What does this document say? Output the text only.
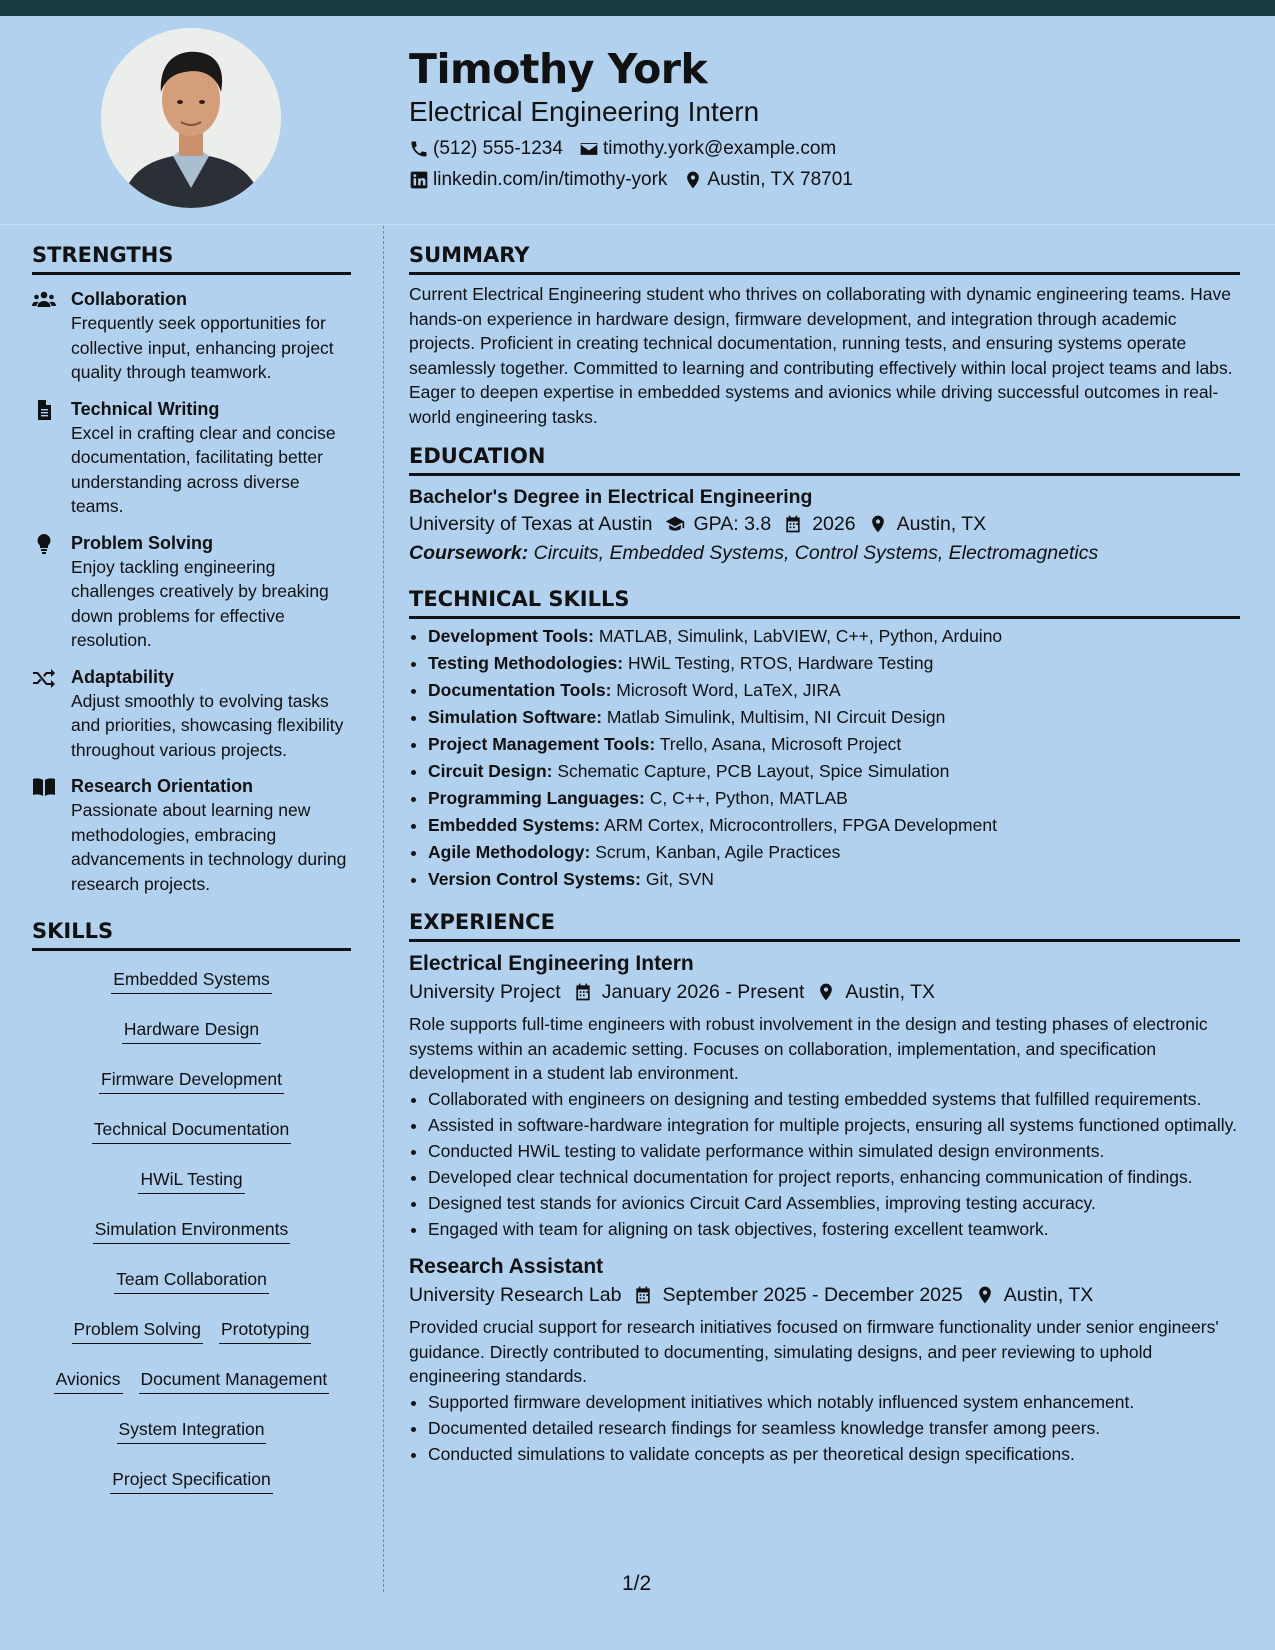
Timothy York
Electrical Engineering Intern
(512) 555-1234 timothy.york@example.com
linkedin.com/in/timothy-york Austin, TX 78701
STRENGTHS
Collaboration
Frequently seek opportunities for collective input, enhancing project quality through teamwork.
Technical Writing
Excel in crafting clear and concise documentation, facilitating better understanding across diverse teams.
Problem Solving
Enjoy tackling engineering challenges creatively by breaking down problems for effective resolution.
Adaptability
Adjust smoothly to evolving tasks and priorities, showcasing flexibility throughout various projects.
Research Orientation
Passionate about learning new methodologies, embracing advancements in technology during research projects.
SKILLS
Embedded Systems
Hardware Design
Firmware Development
Technical Documentation
HWiL Testing
Simulation Environments
Team Collaboration
Problem Solving Prototyping
Avionics Document Management
System Integration
Project Specification
SUMMARY
Current Electrical Engineering student who thrives on collaborating with dynamic engineering teams. Have hands-on experience in hardware design, firmware development, and integration through academic projects. Proficient in creating technical documentation, running tests, and ensuring systems operate seamlessly together. Committed to learning and contributing effectively within local project teams and labs. Eager to deepen expertise in embedded systems and avionics while driving successful outcomes in real-world engineering tasks.
EDUCATION
Bachelor's Degree in Electrical Engineering
University of Texas at Austin GPA: 3.8 2026 Austin, TX
Coursework: Circuits, Embedded Systems, Control Systems, Electromagnetics
TECHNICAL SKILLS
• Development Tools: MATLAB, Simulink, LabVIEW, C++, Python, Arduino
• Testing Methodologies: HWiL Testing, RTOS, Hardware Testing
• Documentation Tools: Microsoft Word, LaTeX, JIRA
• Simulation Software: Matlab Simulink, Multisim, NI Circuit Design
• Project Management Tools: Trello, Asana, Microsoft Project
• Circuit Design: Schematic Capture, PCB Layout, Spice Simulation
• Programming Languages: C, C++, Python, MATLAB
• Embedded Systems: ARM Cortex, Microcontrollers, FPGA Development
• Agile Methodology: Scrum, Kanban, Agile Practices
• Version Control Systems: Git, SVN
EXPERIENCE
Electrical Engineering Intern
University Project January 2026 - Present Austin, TX
Role supports full-time engineers with robust involvement in the design and testing phases of electronic systems within an academic setting. Focuses on collaboration, implementation, and specification development in a student lab environment.
• Collaborated with engineers on designing and testing embedded systems that fulfilled requirements.
• Assisted in software-hardware integration for multiple projects, ensuring all systems functioned optimally.
• Conducted HWiL testing to validate performance within simulated design environments.
• Developed clear technical documentation for project reports, enhancing communication of findings.
• Designed test stands for avionics Circuit Card Assemblies, improving testing accuracy.
• Engaged with team for aligning on task objectives, fostering excellent teamwork.
Research Assistant
University Research Lab September 2025 - December 2025 Austin, TX
Provided crucial support for research initiatives focused on firmware functionality under senior engineers' guidance. Directly contributed to documenting, simulating designs, and peer reviewing to uphold engineering standards.
• Supported firmware development initiatives which notably influenced system enhancement.
• Documented detailed research findings for seamless knowledge transfer among peers.
• Conducted simulations to validate concepts as per theoretical design specifications.
1/2
